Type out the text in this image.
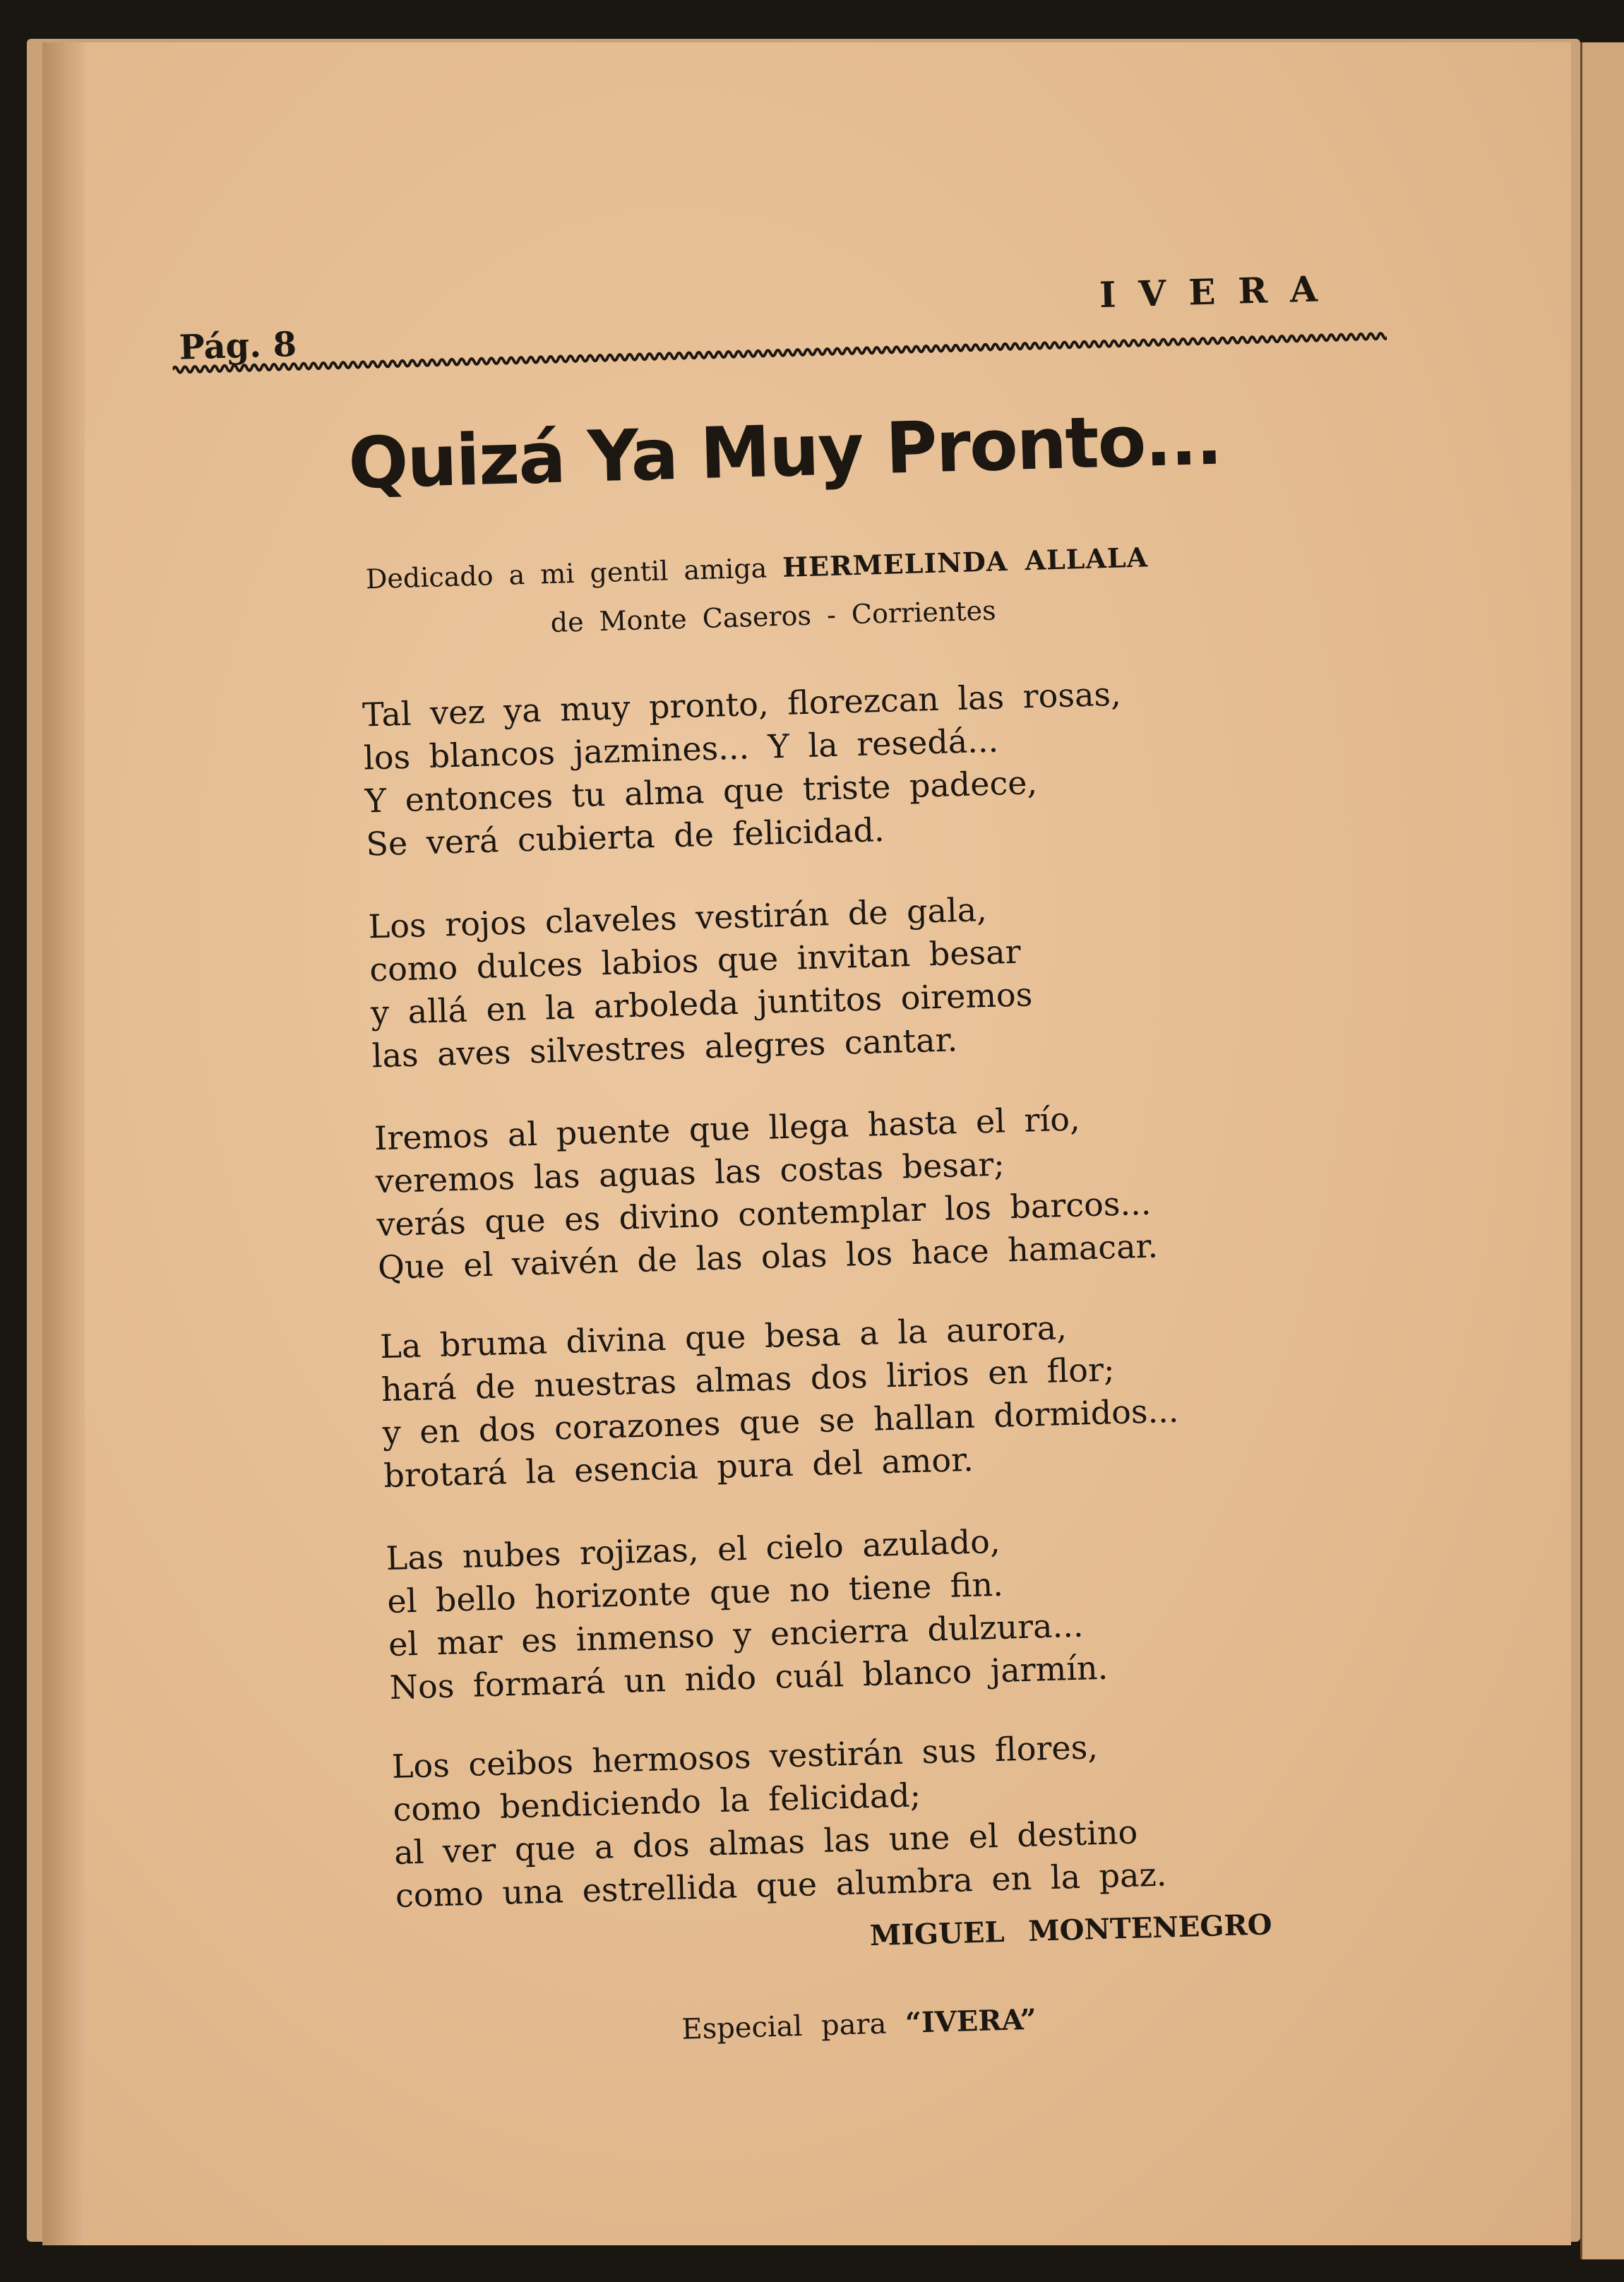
Pág. 8
IVERA
Quizá Ya Muy Pronto...
Dedicado a mi gentil amiga HERMELINDA ALLALA
de Monte Caseros - Corrientes
Tal vez ya muy pronto, florezcan las rosas,
los blancos jazmines... Y la resedá...
Y entonces tu alma que triste padece,
Se verá cubierta de felicidad.
Los rojos claveles vestirán de gala,
como dulces labios que invitan besar
y allá en la arboleda juntitos oiremos
las aves silvestres alegres cantar.
Iremos al puente que llega hasta el río,
veremos las aguas las costas besar;
verás que es divino contemplar los barcos...
Que el vaivén de las olas los hace hamacar.
La bruma divina que besa a la aurora,
hará de nuestras almas dos lirios en flor;
y en dos corazones que se hallan dormidos...
brotará la esencia pura del amor.
Las nubes rojizas, el cielo azulado,
el bello horizonte que no tiene fin.
el mar es inmenso y encierra dulzura...
Nos formará un nido cuál blanco jarmín.
Los ceibos hermosos vestirán sus flores,
como bendiciendo la felicidad;
al ver que a dos almas las une el destino
como una estrellida que alumbra en la paz.
MIGUEL MONTENEGRO
Especial para “IVERA”
